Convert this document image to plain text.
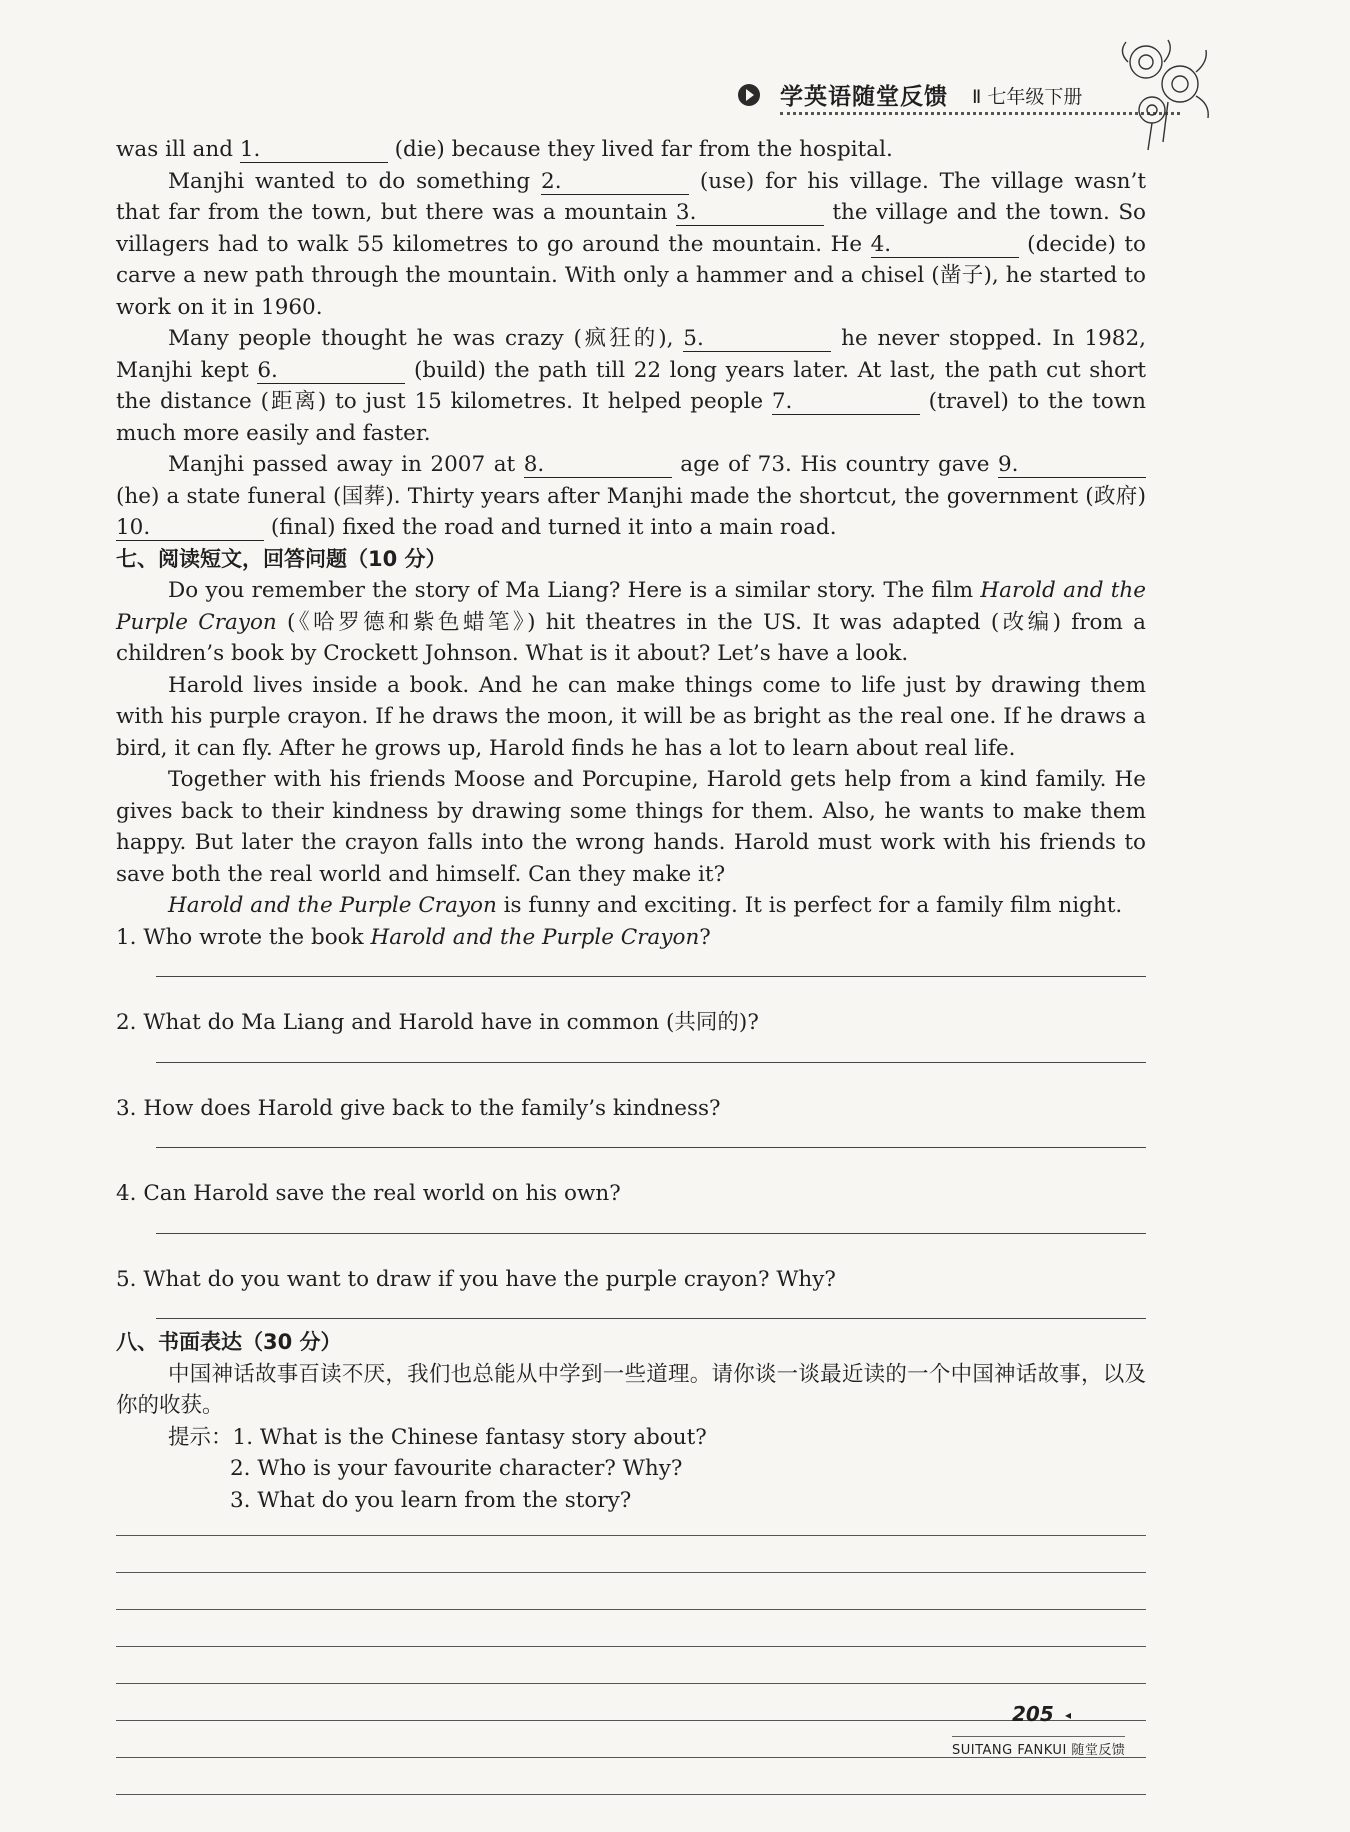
学英语随堂反馈 Ⅱ 七年级下册

was ill and 1.	(die) because they lived far from the hospital.

Manjhi wanted to do something 2.	(use) for his village. The village wasn’t that far from the town, but there was a mountain 3.	the village and the town. So villagers had to walk 55 kilometres to go around the mountain. He 4.	(decide) to carve a new path through the mountain. With only a hammer and a chisel (凿子), he started to work on it in 1960.

Many people thought he was crazy (疯狂的), 5.	he never stopped. In 1982, Manjhi kept 6.	(build) the path till 22 long years later. At last, the path cut short the distance (距离) to just 15 kilometres. It helped people 7.	(travel) to the town much more easily and faster.

Manjhi passed away in 2007 at 8.	age of 73. His country gave 9. (he) a state funeral (国葬). Thirty years after Manjhi made the shortcut, the government (政府) 10.	(final) fixed the road and turned it into a main road.

七、阅读短文，回答问题（10 分）

Do you remember the story of Ma Liang? Here is a similar story. The film Harold and the Purple Crayon (《哈罗德和紫色蜡笔》) hit theatres in the US. It was adapted (改编) from a children’s book by Crockett Johnson. What is it about? Let’s have a look.

Harold lives inside a book. And he can make things come to life just by drawing them with his purple crayon. If he draws the moon, it will be as bright as the real one. If he draws a bird, it can fly. After he grows up, Harold finds he has a lot to learn about real life.

Together with his friends Moose and Porcupine, Harold gets help from a kind family. He gives back to their kindness by drawing some things for them. Also, he wants to make them happy. But later the crayon falls into the wrong hands. Harold must work with his friends to save both the real world and himself. Can they make it?

Harold and the Purple Crayon is funny and exciting. It is perfect for a family film night.

1. Who wrote the book Harold and the Purple Crayon?

2. What do Ma Liang and Harold have in common (共同的)?

3. How does Harold give back to the family’s kindness?

4. Can Harold save the real world on his own?

5. What do you want to draw if you have the purple crayon? Why?

八、书面表达（30 分）

中国神话故事百读不厌，我们也总能从中学到一些道理。请你谈一谈最近读的一个中国神话故事，以及你的收获。

提示：1. What is the Chinese fantasy story about?
2. Who is your favourite character? Why?
3. What do you learn from the story?
205 ◂
SUITANG FANKUI 随堂反馈
